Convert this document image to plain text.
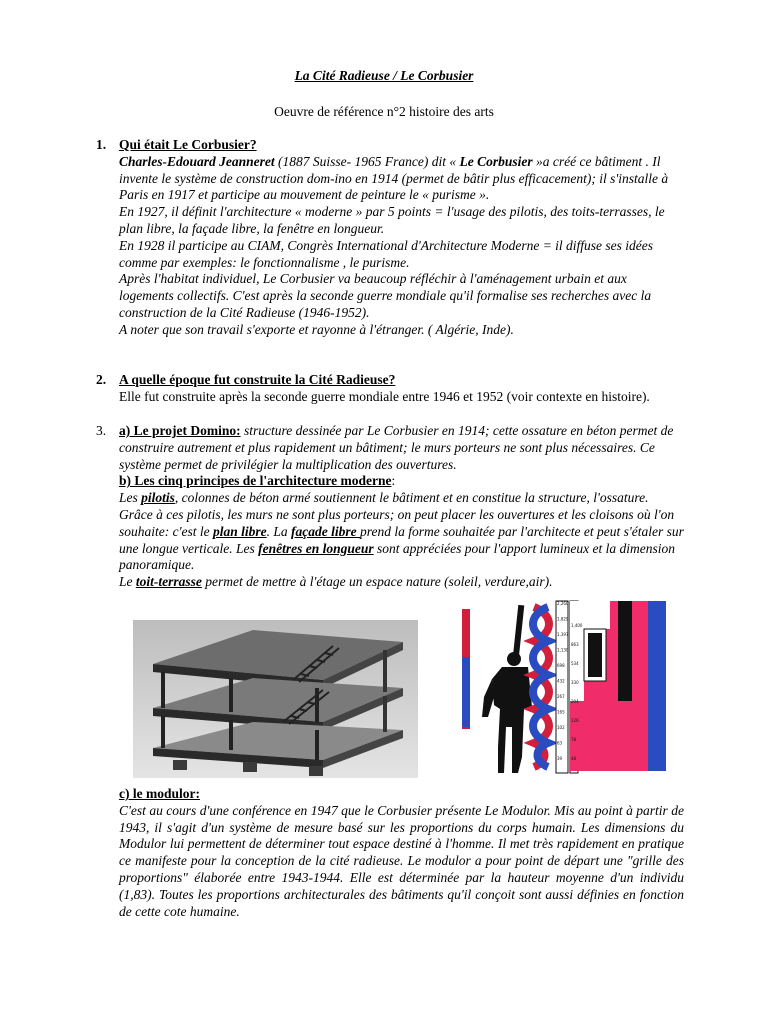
La Cité Radieuse / Le Corbusier
Oeuvre de référence n°2 histoire des arts
1. Qui était Le Corbusier?

Charles-Edouard Jeanneret (1887 Suisse- 1965 France) dit « Le Corbusier »a créé ce bâtiment . Il invente le système de construction dom-ino en 1914 (permet de bâtir plus efficacement); il s'installe à Paris en 1917 et participe au mouvement de peinture le « purisme ».

En 1927, il définit l'architecture « moderne » par 5 points = l'usage des pilotis, des toits-terrasses, le plan libre, la façade libre, la fenêtre en longueur.

En 1928 il participe au CIAM, Congrès International d'Architecture Moderne = il diffuse ses idées comme par exemples: le fonctionnalisme , le purisme.

Après l'habitat individuel, Le Corbusier va beaucoup réfléchir à l'aménagement urbain et aux logements collectifs. C'est après la seconde guerre mondiale qu'il formalise ses recherches avec la construction de la Cité Radieuse (1946-1952).

A noter que son travail s'exporte et rayonne à l'étranger. ( Algérie, Inde).

2. A quelle époque fut construite la Cité Radieuse?

Elle fut construite après la seconde guerre mondiale entre 1946 et 1952 (voir contexte en histoire).

3. a) Le projet Domino: structure dessinée par Le Corbusier en 1914; cette ossature en béton permet de construire autrement et plus rapidement un bâtiment; le murs porteurs ne sont plus nécessaires. Ce système permet de privilégier la multiplication des ouvertures.

b) Les cinq principes de l'architecture moderne:

Les pilotis, colonnes de béton armé soutiennent le bâtiment et en constitue la structure, l'ossature. Grâce à ces pilotis, les murs ne sont plus porteurs; on peut placer les ouvertures et les cloisons où l'on souhaite: c'est le plan libre. La façade libre prend la forme souhaitée par l'architecte et peut s'étaler sur une longue verticale. Les fenêtres en longueur sont appréciées pour l'apport lumineux et la dimension panoramique.

Le toit-terrasse permet de mettre à l'étage un espace nature (soleil, verdure,air).

2,260
1,829
1,397
1,130
698
432
267
165
102
63
39
1,400
863
534
330
204
126
78
48

c) le modulor:

C'est au cours d'une conférence en 1947 que le Corbusier présente Le Modulor. Mis au point à partir de 1943, il s'agit d'un système de mesure basé sur les proportions du corps humain. Les dimensions du Modulor lui permettent de déterminer tout espace destiné à l'homme. Il met très rapidement en pratique ce manifeste pour la conception de la cité radieuse. Le modulor a pour point de départ une "grille des proportions" élaborée entre 1943-1944. Elle est déterminée par la hauteur moyenne d'un individu (1,83). Toutes les proportions architecturales des bâtiments qu'il conçoit sont aussi définies en fonction de cette cote humaine.
